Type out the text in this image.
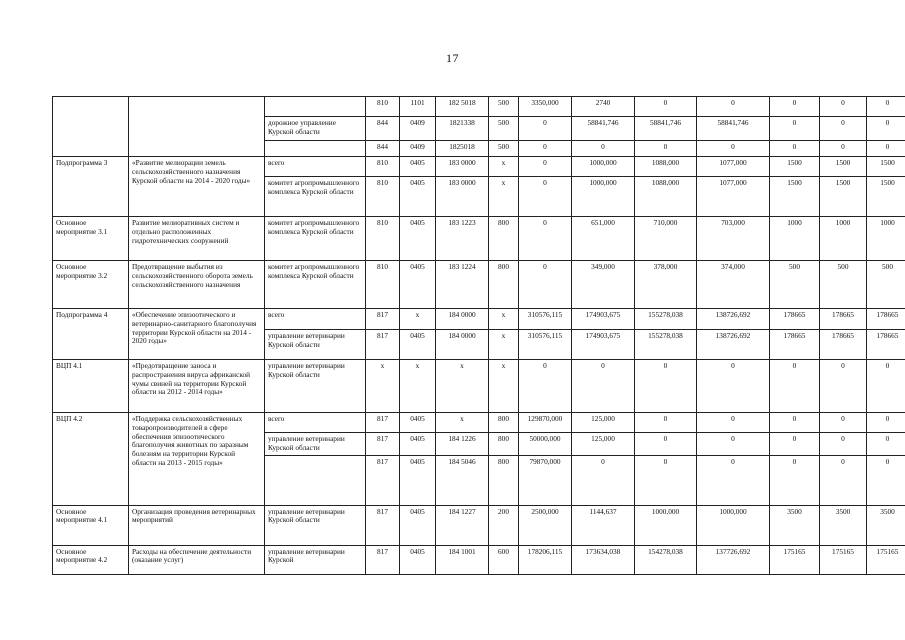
17
			810	1101	182 5018	500	3350,000	2740	0	0	0	0	0
		дорожное управление Курской области	844	0409	1821338	500	0	58841,746	58841,746	58841,746	0	0	0
			844	0409	1825018	500	0	0	0	0	0	0	0
Подпрограмма 3	«Развитие мелиорации земель сельскохозяйственного назначения Курской области на 2014 - 2020 годы»	всего	810	0405	183 0000	x	0	1000,000	1088,000	1077,000	1500	1500	1500
		комитет агропромышленного комплекса Курской области	810	0405	183 0000	x	0	1000,000	1088,000	1077,000	1500	1500	1500
Основное мероприятие 3.1	Развитие мелиоративных систем и отдельно расположенных гидротехнических сооружений	комитет агропромышленного комплекса Курской области	810	0405	183 1223	800	0	651,000	710,000	703,000	1000	1000	1000
Основное мероприятие 3.2	Предотвращение выбытия из сельскохозяйственного оборота земель сельскохозяйственного назначения	комитет агропромышленного комплекса Курской области	810	0405	183 1224	800	0	349,000	378,000	374,000	500	500	500
Подпрограмма 4	«Обеспечение эпизоотического и ветеринарно-санитарного благополучия территории Курской области на 2014 - 2020 годы»	всего	817	x	184 0000	x	310576,115	174903,675	155278,038	138726,692	178665	178665	178665
		управление ветеринарии Курской области	817	0405	184 0000	x	310576,115	174903,675	155278,038	138726,692	178665	178665	178665
ВЦП 4.1	«Предотвращение заноса и распространения вируса африканской чумы свиней на территории Курской области на 2012 - 2014 годы»	управление ветеринарии Курской области	x	x	x	x	0	0	0	0	0	0	0
ВЦП 4.2	«Поддержка сельскохозяйственных товаропроизводителей в сфере обеспечения эпизоотического благополучия животных по заразным болезням на территории Курской области на 2013 - 2015 годы»	всего	817	0405	x	800	129870,000	125,000	0	0	0	0	0
		управление ветеринарии Курской области	817	0405	184 1226	800	50000,000	125,000	0	0	0	0	0
			817	0405	184 5046	800	79870,000	0	0	0	0	0	0
Основное мероприятие 4.1	Организация проведения ветеринарных мероприятий	управление ветеринарии Курской области	817	0405	184 1227	200	2500,000	1144,637	1000,000	1000,000	3500	3500	3500
Основное мероприятие 4.2	Расходы на обеспечение деятельности (оказание услуг)	управление ветеринарии Курской	817	0405	184 1001	600	178206,115	173634,038	154278,038	137726,692	175165	175165	175165
